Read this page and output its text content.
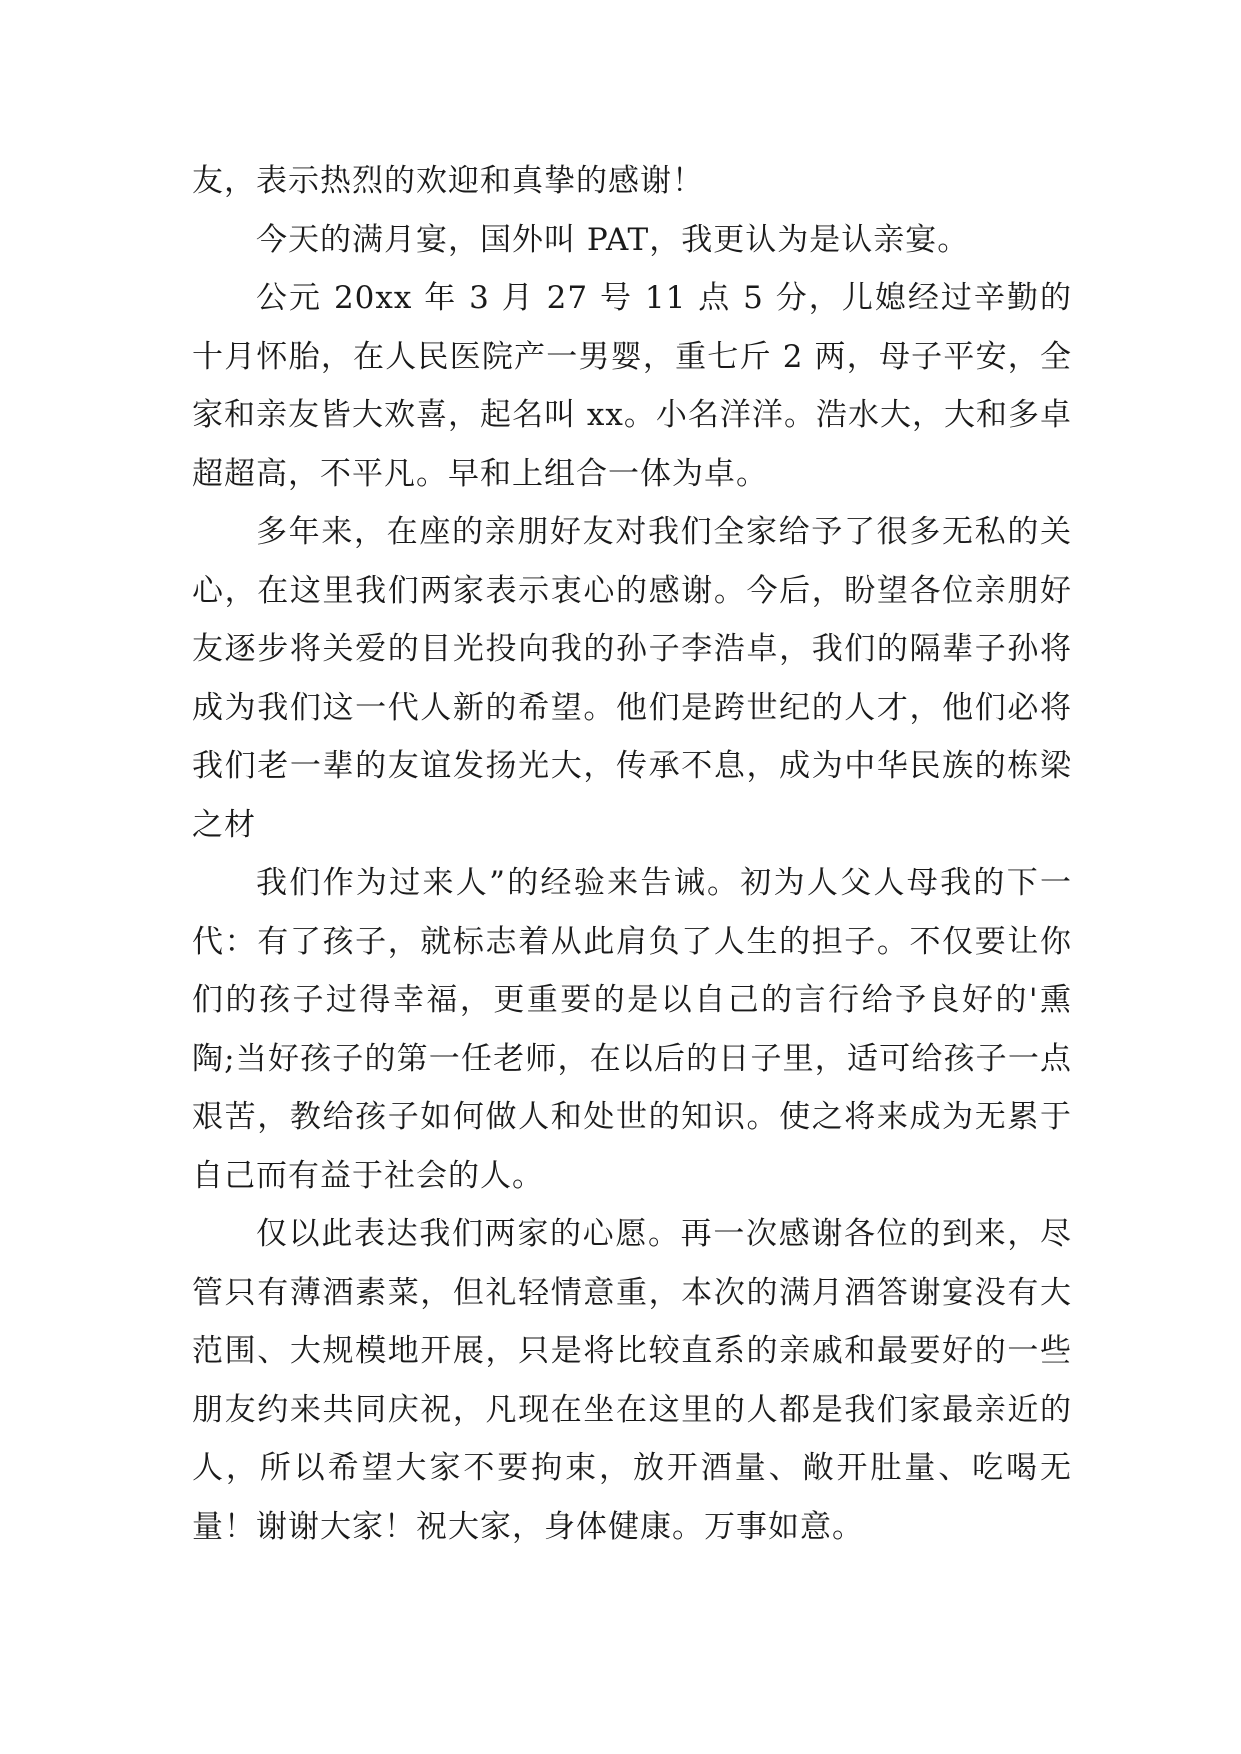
友，表示热烈的欢迎和真挚的感谢！

今天的满月宴，国外叫 PAT，我更认为是认亲宴。

公元 20xx 年 3 月 27 号 11 点 5 分，儿媳经过辛勤的十月怀胎，在人民医院产一男婴，重七斤 2 两，母子平安，全家和亲友皆大欢喜，起名叫 xx。小名洋洋。浩水大，大和多卓超超高，不平凡。早和上组合一体为卓。

多年来，在座的亲朋好友对我们全家给予了很多无私的关心，在这里我们两家表示衷心的感谢。今后，盼望各位亲朋好友逐步将关爱的目光投向我的孙子李浩卓，我们的隔辈子孙将成为我们这一代人新的希望。他们是跨世纪的人才，他们必将我们老一辈的友谊发扬光大，传承不息，成为中华民族的栋梁之材

我们作为过来人”的经验来告诫。初为人父人母我的下一代：有了孩子，就标志着从此肩负了人生的担子。不仅要让你们的孩子过得幸福，更重要的是以自己的言行给予良好的'熏陶;当好孩子的第一任老师，在以后的日子里，适可给孩子一点艰苦，教给孩子如何做人和处世的知识。使之将来成为无累于自己而有益于社会的人。

仅以此表达我们两家的心愿。再一次感谢各位的到来，尽管只有薄酒素菜，但礼轻情意重，本次的满月酒答谢宴没有大范围、大规模地开展，只是将比较直系的亲戚和最要好的一些朋友约来共同庆祝，凡现在坐在这里的人都是我们家最亲近的人，所以希望大家不要拘束，放开酒量、敞开肚量、吃喝无量！谢谢大家！祝大家，身体健康。万事如意。
